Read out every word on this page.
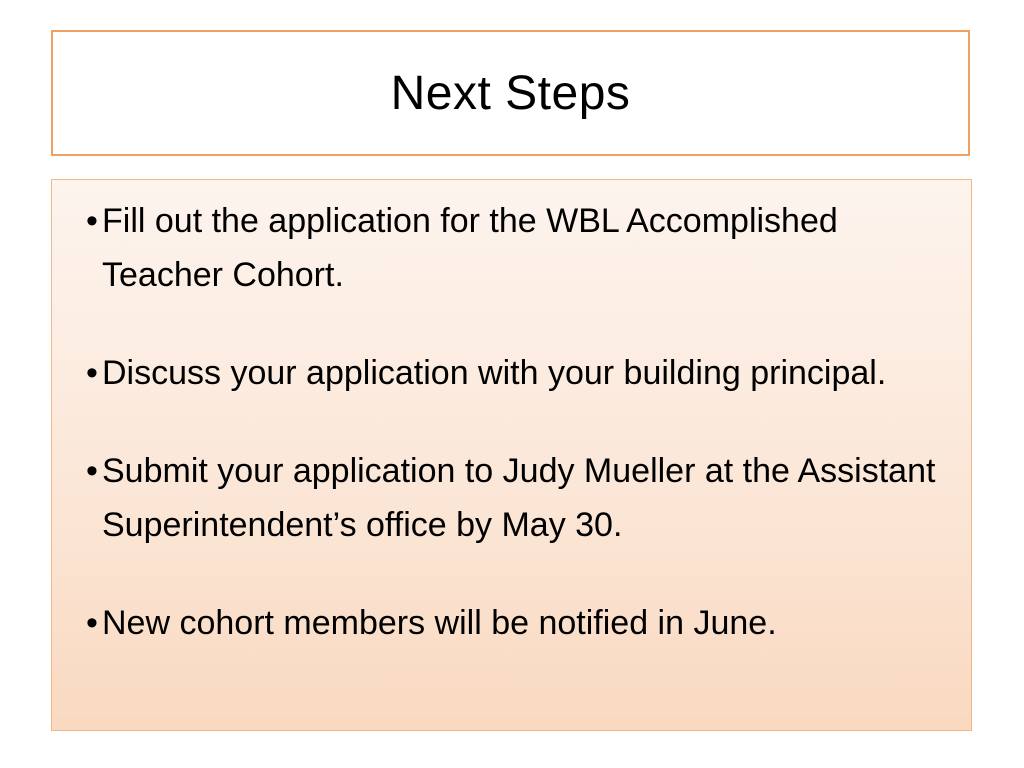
Next Steps
• Fill out the application for the WBL Accomplished Teacher Cohort.
• Discuss your application with your building principal.
• Submit your application to Judy Mueller at the Assistant Superintendent’s office by May 30.
• New cohort members will be notified in June.
